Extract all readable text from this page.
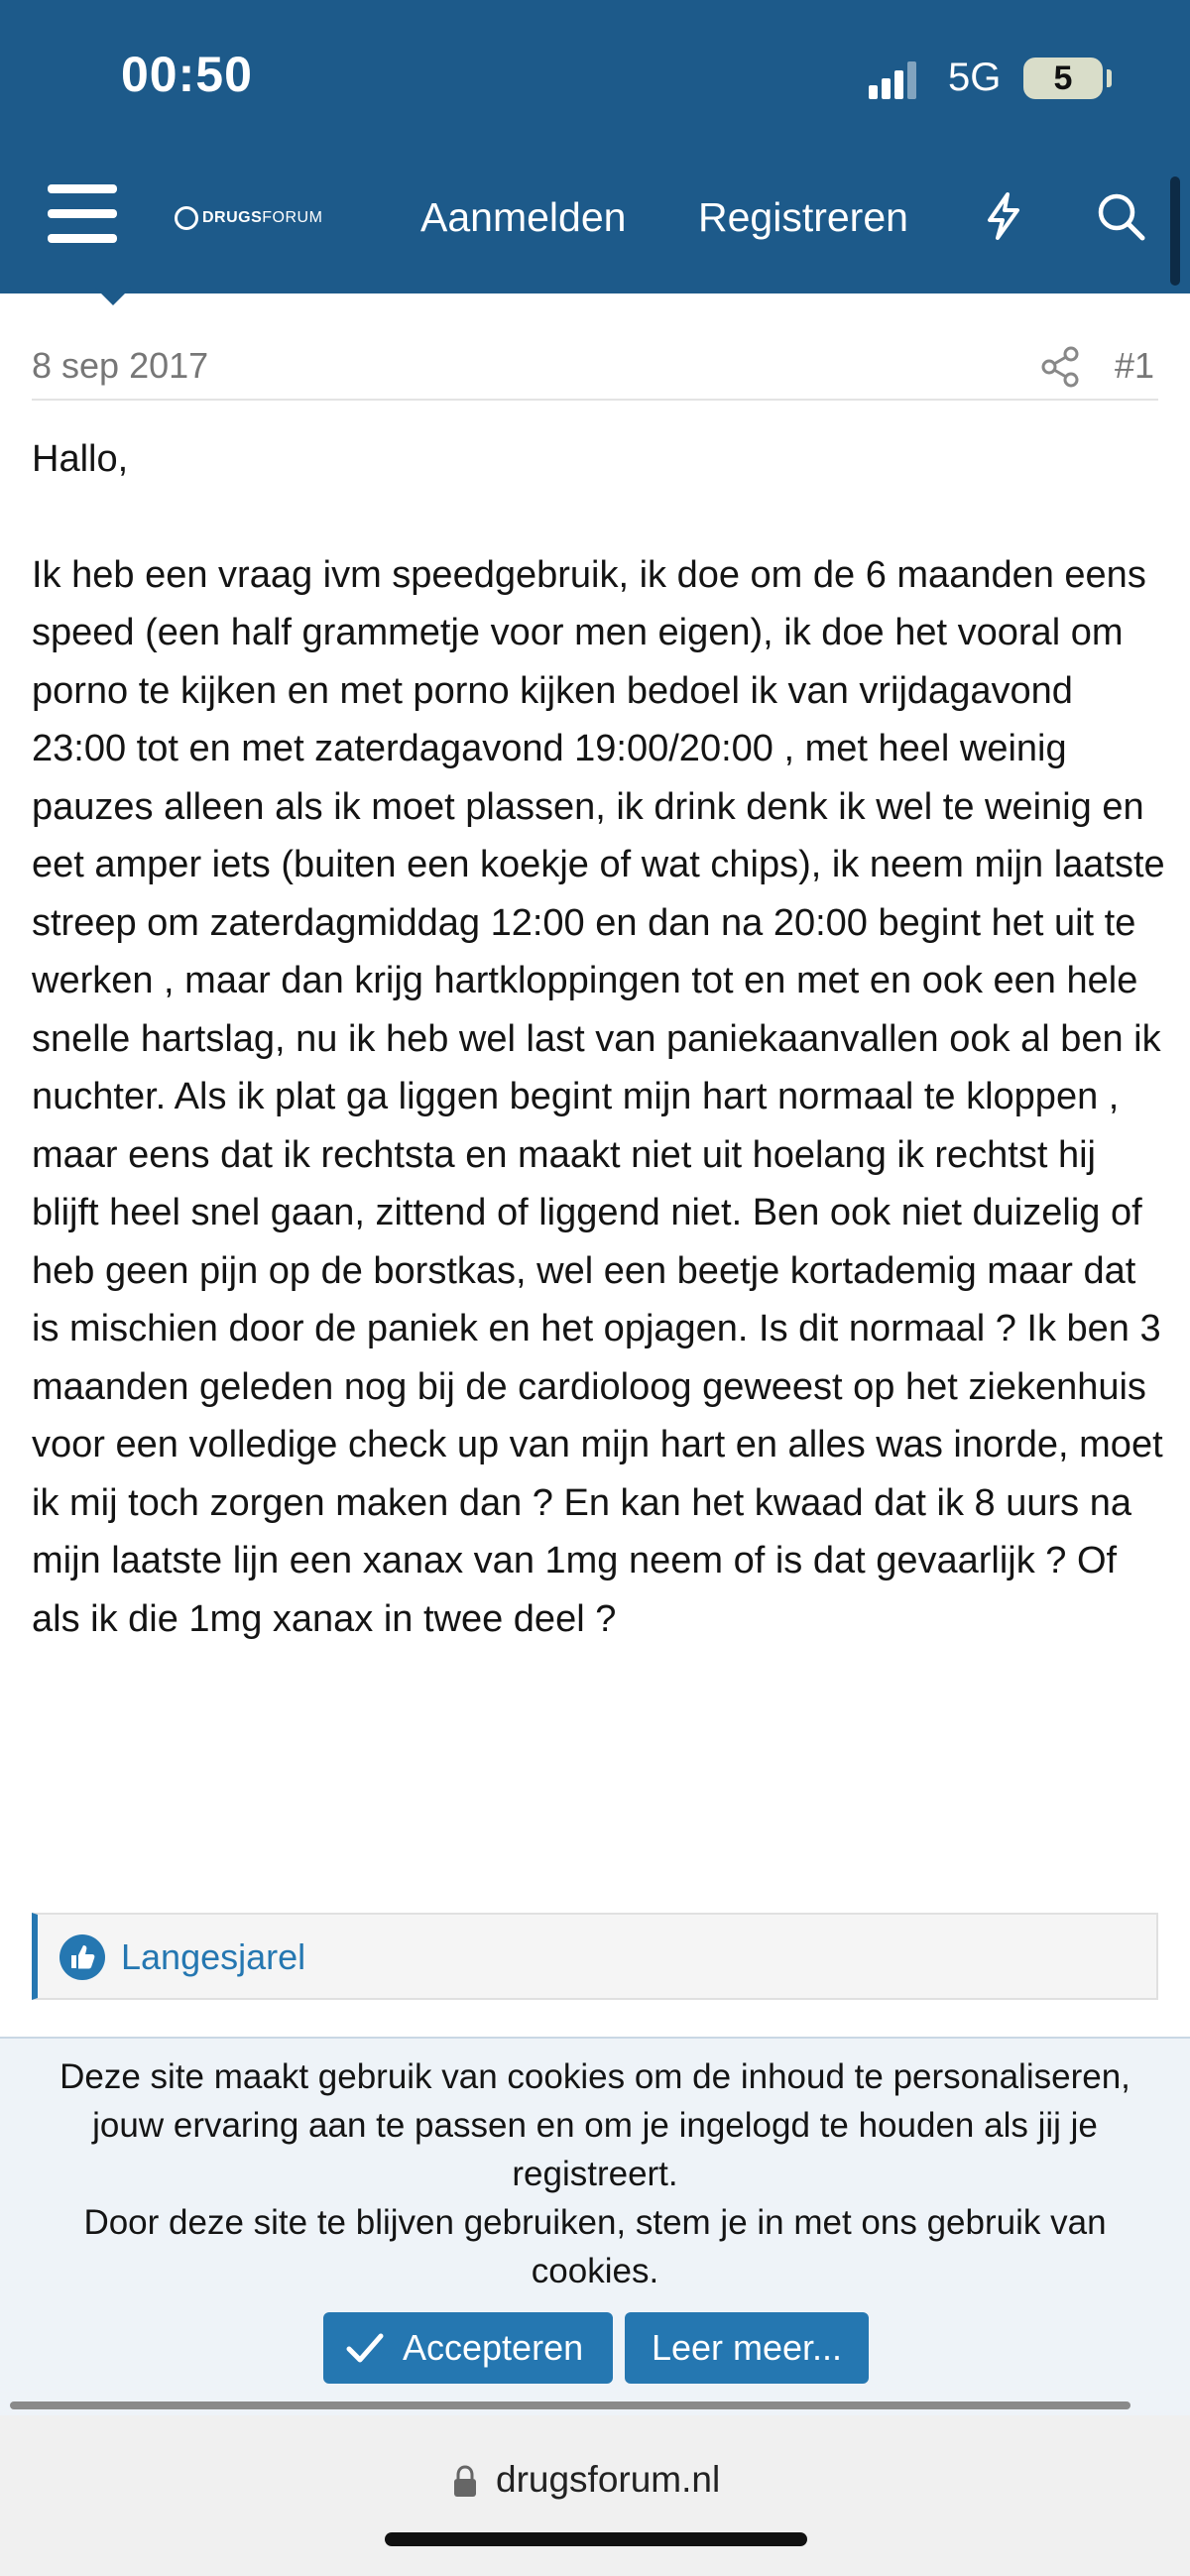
00:50	5G	5
DRUGSFORUM Aanmelden Registreren
8 sep 2017	#1

Hallo,

Ik heb een vraag ivm speedgebruik, ik doe om de 6 maanden eens speed (een half grammetje voor men eigen), ik doe het vooral om porno te kijken en met porno kijken bedoel ik van vrijdagavond 23:00 tot en met zaterdagavond 19:00/20:00 , met heel weinig pauzes alleen als ik moet plassen, ik drink denk ik wel te weinig en eet amper iets (buiten een koekje of wat chips), ik neem mijn laatste streep om zaterdagmiddag 12:00 en dan na 20:00 begint het uit te werken , maar dan krijg hartkloppingen tot en met en ook een hele snelle hartslag, nu ik heb wel last van paniekaanvallen ook al ben ik nuchter. Als ik plat ga liggen begint mijn hart normaal te kloppen , maar eens dat ik rechtsta en maakt niet uit hoelang ik rechtst hij blijft heel snel gaan, zittend of liggend niet. Ben ook niet duizelig of heb geen pijn op de borstkas, wel een beetje kortademig maar dat is mischien door de paniek en het opjagen. Is dit normaal ? Ik ben 3 maanden geleden nog bij de cardioloog geweest op het ziekenhuis voor een volledige check up van mijn hart en alles was inorde, moet ik mij toch zorgen maken dan ? En kan het kwaad dat ik 8 uurs na mijn laatste lijn een xanax van 1mg neem of is dat gevaarlijk ? Of als ik die 1mg xanax in twee deel ?

Langesjarel

Deze site maakt gebruik van cookies om de inhoud te personaliseren, jouw ervaring aan te passen en om je ingelogd te houden als jij je registreert.

Door deze site te blijven gebruiken, stem je in met ons gebruik van cookies.

Accepteren	Leer meer...
drugsforum.nl
